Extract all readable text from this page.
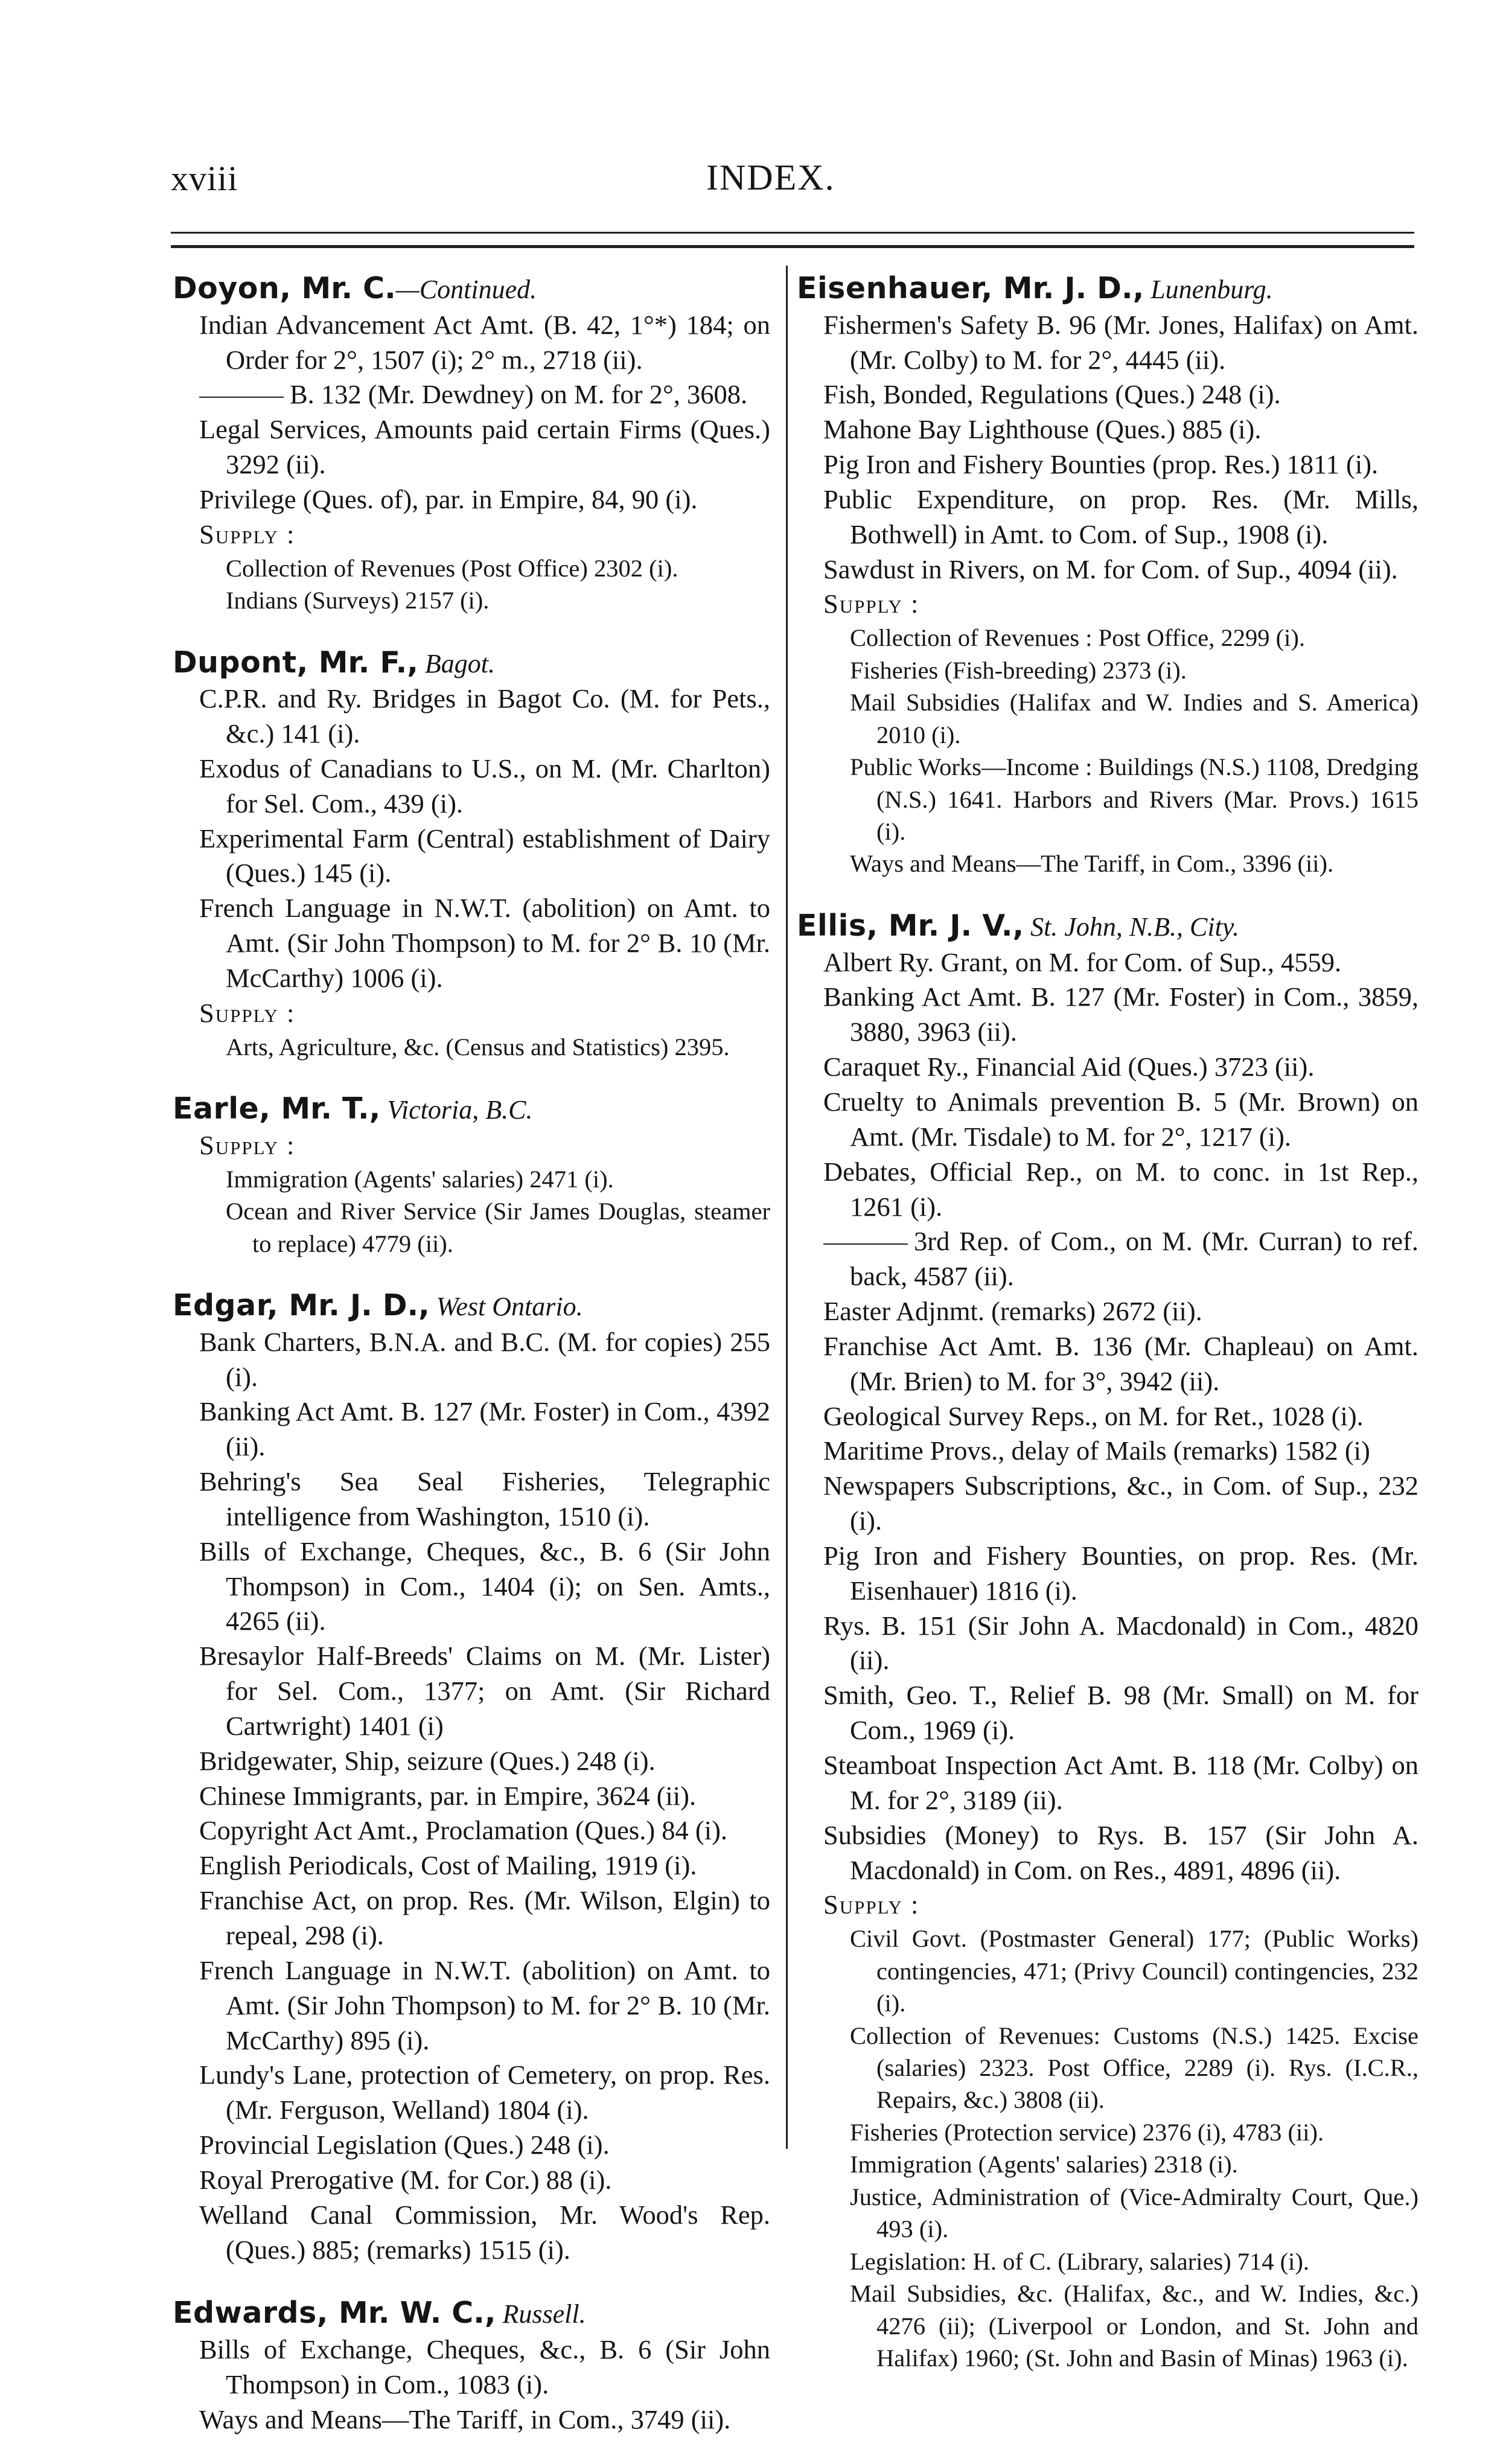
xviii	INDEX.
Doyon, Mr. C.—Continued.
Indian Advancement Act Amt. (B. 42, 1°*) 184; on Order for 2°, 1507 (i); 2° m., 2718 (ii).
B. 132 (Mr. Dewdney) on M. for 2°, 3608.
Legal Services, Amounts paid certain Firms (Ques.) 3292 (ii).
Privilege (Ques. of), par. in Empire, 84, 90 (i).
Supply :
Collection of Revenues (Post Office) 2302 (i).
Indians (Surveys) 2157 (i).
Dupont, Mr. F., Bagot.
C.P.R. and Ry. Bridges in Bagot Co. (M. for Pets., &c.) 141 (i).
Exodus of Canadians to U.S., on M. (Mr. Charlton) for Sel. Com., 439 (i).
Experimental Farm (Central) establishment of Dairy (Ques.) 145 (i).
French Language in N.W.T. (abolition) on Amt. to Amt. (Sir John Thompson) to M. for 2° B. 10 (Mr. McCarthy) 1006 (i).
Supply :
Arts, Agriculture, &c. (Census and Statistics) 2395.
Earle, Mr. T., Victoria, B.C.
Supply :
Immigration (Agents' salaries) 2471 (i).
Ocean and River Service (Sir James Douglas, steamer to replace) 4779 (ii).
Edgar, Mr. J. D., West Ontario.
Bank Charters, B.N.A. and B.C. (M. for copies) 255 (i).
Banking Act Amt. B. 127 (Mr. Foster) in Com., 4392 (ii).
Behring's Sea Seal Fisheries, Telegraphic intelligence from Washington, 1510 (i).
Bills of Exchange, Cheques, &c., B. 6 (Sir John Thompson) in Com., 1404 (i); on Sen. Amts., 4265 (ii).
Bresaylor Half-Breeds' Claims on M. (Mr. Lister) for Sel. Com., 1377; on Amt. (Sir Richard Cartwright) 1401 (i)
Bridgewater, Ship, seizure (Ques.) 248 (i).
Chinese Immigrants, par. in Empire, 3624 (ii).
Copyright Act Amt., Proclamation (Ques.) 84 (i).
English Periodicals, Cost of Mailing, 1919 (i).
Franchise Act, on prop. Res. (Mr. Wilson, Elgin) to repeal, 298 (i).
French Language in N.W.T. (abolition) on Amt. to Amt. (Sir John Thompson) to M. for 2° B. 10 (Mr. McCarthy) 895 (i).
Lundy's Lane, protection of Cemetery, on prop. Res. (Mr. Ferguson, Welland) 1804 (i).
Provincial Legislation (Ques.) 248 (i).
Royal Prerogative (M. for Cor.) 88 (i).
Welland Canal Commission, Mr. Wood's Rep. (Ques.) 885; (remarks) 1515 (i).
Edwards, Mr. W. C., Russell.
Bills of Exchange, Cheques, &c., B. 6 (Sir John Thompson) in Com., 1083 (i).
Ways and Means—The Tariff, in Com., 3749 (ii).
Eisenhauer, Mr. J. D., Lunenburg.
Fishermen's Safety B. 96 (Mr. Jones, Halifax) on Amt. (Mr. Colby) to M. for 2°, 4445 (ii).
Fish, Bonded, Regulations (Ques.) 248 (i).
Mahone Bay Lighthouse (Ques.) 885 (i).
Pig Iron and Fishery Bounties (prop. Res.) 1811 (i).
Public Expenditure, on prop. Res. (Mr. Mills, Bothwell) in Amt. to Com. of Sup., 1908 (i).
Sawdust in Rivers, on M. for Com. of Sup., 4094 (ii).
Supply :
Collection of Revenues : Post Office, 2299 (i).
Fisheries (Fish-breeding) 2373 (i).
Mail Subsidies (Halifax and W. Indies and S. America) 2010 (i).
Public Works—Income : Buildings (N.S.) 1108, Dredging (N.S.) 1641. Harbors and Rivers (Mar. Provs.) 1615 (i).
Ways and Means—The Tariff, in Com., 3396 (ii).
Ellis, Mr. J. V., St. John, N.B., City.
Albert Ry. Grant, on M. for Com. of Sup., 4559.
Banking Act Amt. B. 127 (Mr. Foster) in Com., 3859, 3880, 3963 (ii).
Caraquet Ry., Financial Aid (Ques.) 3723 (ii).
Cruelty to Animals prevention B. 5 (Mr. Brown) on Amt. (Mr. Tisdale) to M. for 2°, 1217 (i).
Debates, Official Rep., on M. to conc. in 1st Rep., 1261 (i).
3rd Rep. of Com., on M. (Mr. Curran) to ref. back, 4587 (ii).
Easter Adjnmt. (remarks) 2672 (ii).
Franchise Act Amt. B. 136 (Mr. Chapleau) on Amt. (Mr. Brien) to M. for 3°, 3942 (ii).
Geological Survey Reps., on M. for Ret., 1028 (i).
Maritime Provs., delay of Mails (remarks) 1582 (i)
Newspapers Subscriptions, &c., in Com. of Sup., 232 (i).
Pig Iron and Fishery Bounties, on prop. Res. (Mr. Eisenhauer) 1816 (i).
Rys. B. 151 (Sir John A. Macdonald) in Com., 4820 (ii).
Smith, Geo. T., Relief B. 98 (Mr. Small) on M. for Com., 1969 (i).
Steamboat Inspection Act Amt. B. 118 (Mr. Colby) on M. for 2°, 3189 (ii).
Subsidies (Money) to Rys. B. 157 (Sir John A. Macdonald) in Com. on Res., 4891, 4896 (ii).
Supply :
Civil Govt. (Postmaster General) 177; (Public Works) contingencies, 471; (Privy Council) contingencies, 232 (i).
Collection of Revenues: Customs (N.S.) 1425. Excise (salaries) 2323. Post Office, 2289 (i). Rys. (I.C.R., Repairs, &c.) 3808 (ii).
Fisheries (Protection service) 2376 (i), 4783 (ii).
Immigration (Agents' salaries) 2318 (i).
Justice, Administration of (Vice-Admiralty Court, Que.) 493 (i).
Legislation: H. of C. (Library, salaries) 714 (i).
Mail Subsidies, &c. (Halifax, &c., and W. Indies, &c.) 4276 (ii); (Liverpool or London, and St. John and Halifax) 1960; (St. John and Basin of Minas) 1963 (i).
